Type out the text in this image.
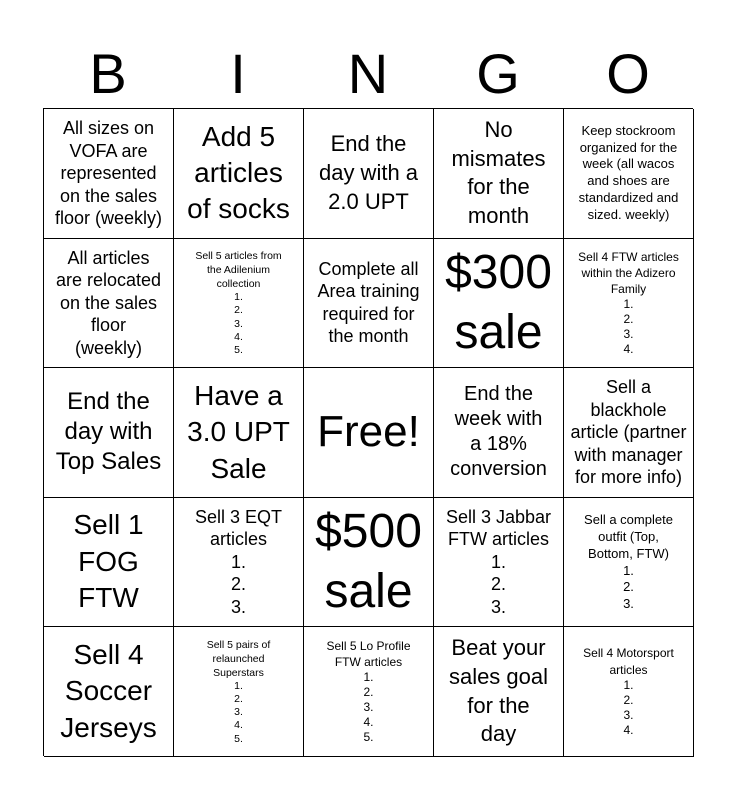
B	I	N	G	O
All sizes on
VOFA are
represented
on the sales
floor (weekly)
Add 5
articles
of socks
End the
day with a
2.0 UPT
No
mismates
for the
month
Keep stockroom
organized for the
week (all wacos
and shoes are
standardized and
sized. weekly)
All articles
are relocated
on the sales
floor
(weekly)
Sell 5 articles from
the Adilenium
collection
1.
2.
3.
4.
5.
Complete all
Area training
required for
the month
$300
sale
Sell 4 FTW articles
within the Adizero
Family
1.
2.
3.
4.
End the
day with
Top Sales
Have a
3.0 UPT
Sale
Free!
End the
week with
a 18%
conversion
Sell a
blackhole
article (partner
with manager
for more info)
Sell 1
FOG
FTW
Sell 3 EQT
articles
1.
2.
3.
$500
sale
Sell 3 Jabbar
FTW articles
1.
2.
3.
Sell a complete
outfit (Top,
Bottom, FTW)
1.
2.
3.
Sell 4
Soccer
Jerseys
Sell 5 pairs of
relaunched
Superstars
1.
2.
3.
4.
5.
Sell 5 Lo Profile
FTW articles
1.
2.
3.
4.
5.
Beat your
sales goal
for the
day
Sell 4 Motorsport
articles
1.
2.
3.
4.
